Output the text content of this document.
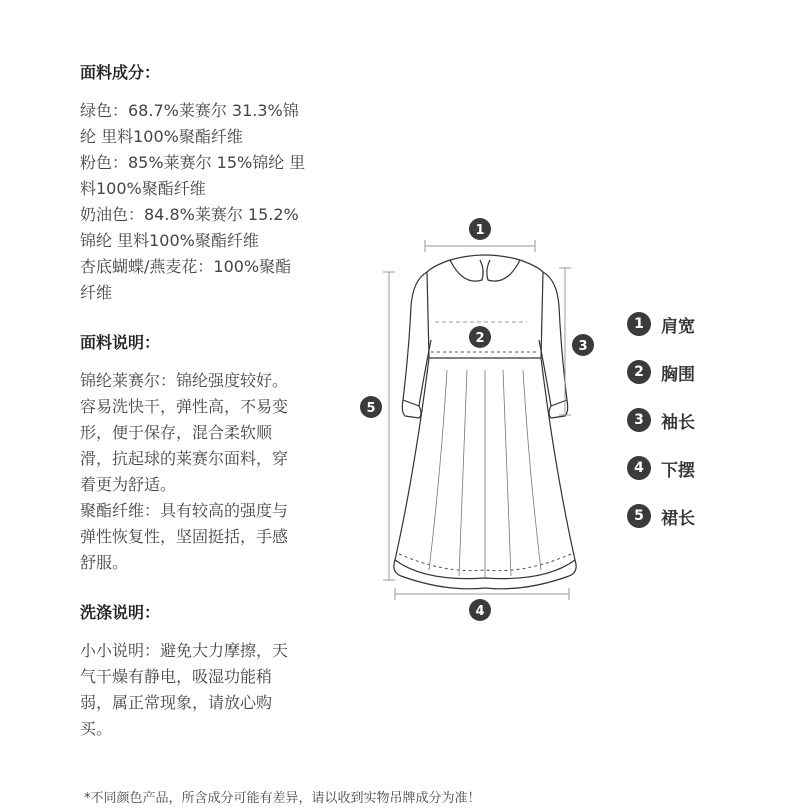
面料成分：

绿色：68.7%莱赛尔 31.3%锦

纶 里料100%聚酯纤维

粉色：85%莱赛尔 15%锦纶 里

料100%聚酯纤维

奶油色：84.8%莱赛尔 15.2%

锦纶 里料100%聚酯纤维

杏底蝴蝶/燕麦花：100%聚酯

纤维

面料说明：

锦纶莱赛尔：锦纶强度较好。

容易洗快干，弹性高，不易变

形，便于保存，混合柔软顺

滑，抗起球的莱赛尔面料，穿

着更为舒适。

聚酯纤维：具有较高的强度与

弹性恢复性，坚固挺括，手感

舒服。

洗涤说明：

小小说明：避免大力摩擦，天

气干燥有静电，吸湿功能稍

弱，属正常现象，请放心购

买。

1
2
3
4
5
1	肩宽
2	胸围
3	袖长
4	下摆
5	裙长
*不同颜色产品，所含成分可能有差异，请以收到实物吊牌成分为准！
